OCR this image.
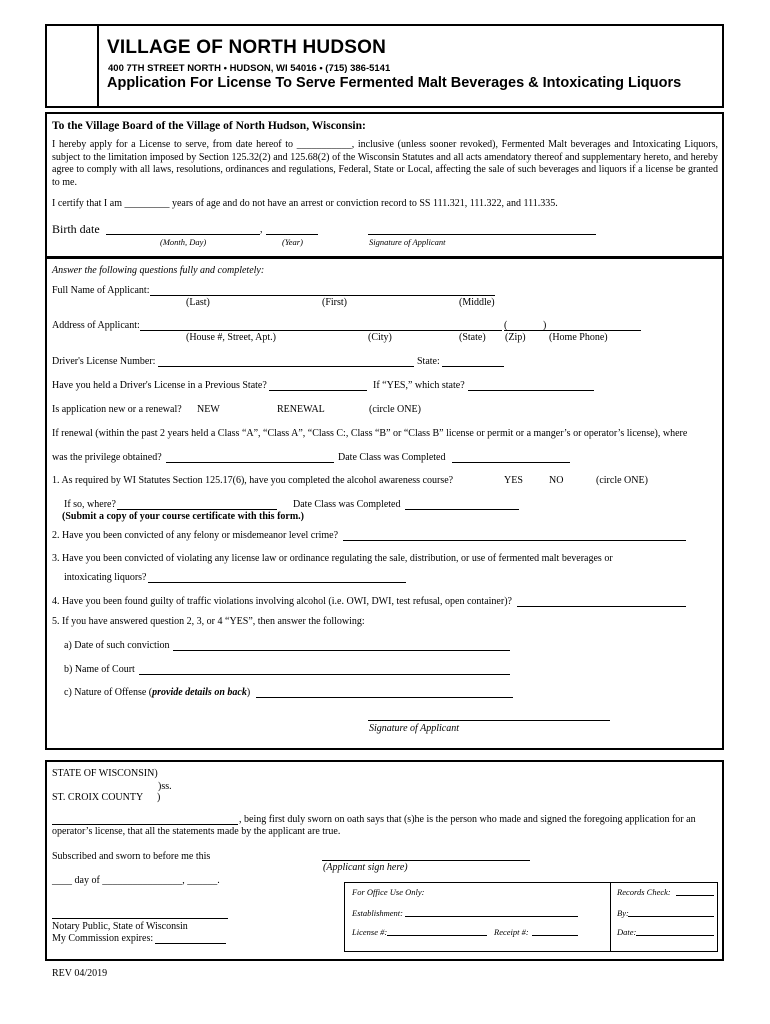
VILLAGE OF NORTH HUDSON
400 7TH STREET NORTH • HUDSON, WI 54016 • (715) 386-5141
Application For License To Serve Fermented Malt Beverages & Intoxicating Liquors
To the Village Board of the Village of North Hudson, Wisconsin:
I hereby apply for a License to serve, from date hereof to ___________, inclusive (unless sooner revoked), Fermented Malt beverages and Intoxicating Liquors, subject to the limitation imposed by Section 125.32(2) and 125.68(2) of the Wisconsin Statutes and all acts amendatory thereof and supplementary hereto, and hereby agree to comply with all laws, resolutions, ordinances and regulations, Federal, State or Local, affecting the sale of such beverages and liquors if a license be granted to me.
I certify that I am _________ years of age and do not have an arrest or conviction record to SS 111.321, 111.322, and 111.335.
Birth date	,
(Month, Day)	(Year)	Signature of Applicant
Answer the following questions fully and completely:
Full Name of Applicant:
(Last)	(First)	(Middle)
Address of Applicant:	(	)
(House #, Street, Apt.)	(City)	(State) (Zip) (Home Phone)
Driver's License Number:	State:
Have you held a Driver's License in a Previous State?	If “YES,” which state?
Is application new or a renewal? NEW	RENEWAL	(circle ONE)
If renewal (within the past 2 years held a Class “A”, “Class A”, “Class C:, Class “B” or “Class B” license or permit or a manger’s or operator’s license), where
was the privilege obtained?	Date Class was Completed
1. As required by WI Statutes Section 125.17(6), have you completed the alcohol awareness course?	YES	NO	(circle ONE)
If so, where?	Date Class was Completed
(Submit a copy of your course certificate with this form.)
2. Have you been convicted of any felony or misdemeanor level crime?
3. Have you been convicted of violating any license law or ordinance regulating the sale, distribution, or use of fermented malt beverages or
intoxicating liquors?
4. Have you been found guilty of traffic violations involving alcohol (i.e. OWI, DWI, test refusal, open container)?
5. If you have answered question 2, 3, or 4 “YES”, then answer the following:
a) Date of such conviction
b) Name of Court
c) Nature of Offense (provide details on back)
Signature of Applicant
STATE OF WISCONSIN)
)ss.
ST. CROIX COUNTY )
, being first duly sworn on oath says that (s)he is the person who made and signed the foregoing application for an
operator’s license, that all the statements made by the applicant are true.
Subscribed and sworn to before me this
(Applicant sign here)
____ day of ________________, ______.
Notary Public, State of Wisconsin
My Commission expires:
For Office Use Only:
Establishment:
License #:	Receipt #:
Records Check:
By:
Date:
REV 04/2019
